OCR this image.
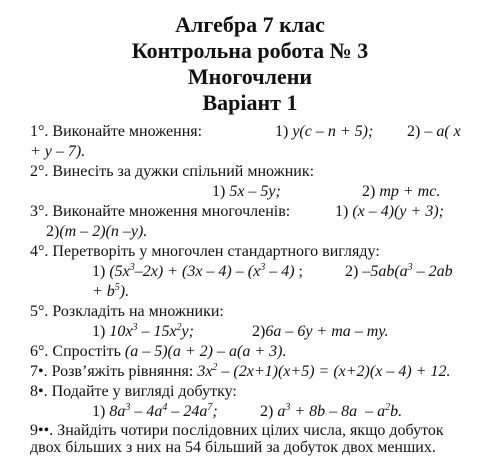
Алгебра 7 клас
Контрольна робота № 3
Многочлени
Варіант 1
1°. Виконайте множення:	1) y(c – n + 5); 2) – a( x
+ y – 7).
2°. Винесіть за дужки спільний множник:
1) 5x – 5y;	2) mp + mc.
3°. Виконайте множення многочленів:	1) (x – 4)(y + 3);
2)(m – 2)(n –y).
4°. Перетворіть у многочлен стандартного вигляду:
1) $(5x^3-2x) + (3x - 4) - (x^3 - 4)$ ;	2) $-5ab(a^3 - 2ab$
+ $b^5$).
5°. Розкладіть на множники:
1) $10x^3 - 15x^2y$;	2)6a – 6y + ma – my.
6°. Спростіть (a – 5)(a + 2) – a(a + 3).
7•. Розв’яжіть рівняння: $3x^2 - (2x+1)(x+5) = (x+2)(x - 4) + 12$.
8•. Подайте у вигляді добутку:
1) $8a^3 - 4a^4 - 24a^7$;	2) $a^3 + 8b - 8a - a^2b$.
9••. Знайдіть чотири послідовних цілих числа, якщо добуток
двох більших з них на 54 більший за добуток двох менших.
